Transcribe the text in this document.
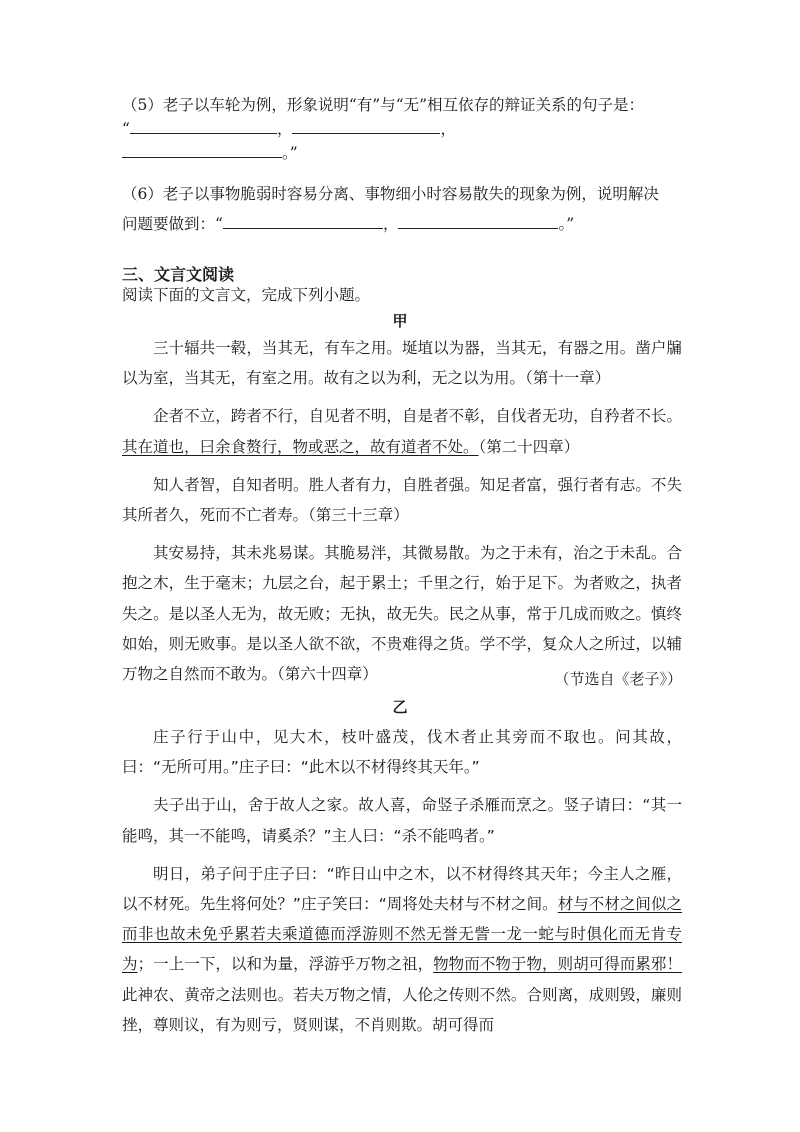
（5）老子以车轮为例，形象说明“有”与“无”相互依存的辩证关系的句子是：
“	，	，
。”
（6）老子以事物脆弱时容易分离、事物细小时容易散失的现象为例，说明解决
问题要做到：“	，	。”
三、文言文阅读
阅读下面的文言文，完成下列小题。
甲

三十辐共一毂，当其无，有车之用。埏埴以为器，当其无，有器之用。凿户牖以为室，当其无，有室之用。故有之以为利，无之以为用。（第十一章）

企者不立，跨者不行，自见者不明，自是者不彰，自伐者无功，自矜者不长。其在道也，曰余食赘行，物或恶之，故有道者不处。（第二十四章）

知人者智，自知者明。胜人者有力，自胜者强。知足者富，强行者有志。不失其所者久，死而不亡者寿。（第三十三章）

其安易持，其未兆易谋。其脆易泮，其微易散。为之于未有，治之于未乱。合抱之木，生于毫末；九层之台，起于累土；千里之行，始于足下。为者败之，执者失之。是以圣人无为，故无败；无执，故无失。民之从事，常于几成而败之。慎终如始，则无败事。是以圣人欲不欲，不贵难得之货。学不学，复众人之所过，以辅万物之自然而不敢为。（第六十四章）	（节选自《老子》）
乙

庄子行于山中，见大木，枝叶盛茂，伐木者止其旁而不取也。问其故，曰：“无所可用。”庄子曰：“此木以不材得终其天年。”

夫子出于山，舍于故人之家。故人喜，命竖子杀雁而烹之。竖子请曰：“其一能鸣，其一不能鸣，请奚杀？”主人曰：“杀不能鸣者。”

明日，弟子问于庄子曰：“昨日山中之木，以不材得终其天年；今主人之雁，以不材死。先生将何处？”庄子笑曰：“周将处夫材与不材之间。材与不材之间似之而非也故未免乎累若夫乘道德而浮游则不然无誉无訾一龙一蛇与时俱化而无肯专为；一上一下，以和为量，浮游乎万物之祖，物物而不物于物，则胡可得而累邪！此神农、黄帝之法则也。若夫万物之情，人伦之传则不然。合则离，成则毁，廉则挫，尊则议，有为则亏，贤则谋，不肖则欺。胡可得而
